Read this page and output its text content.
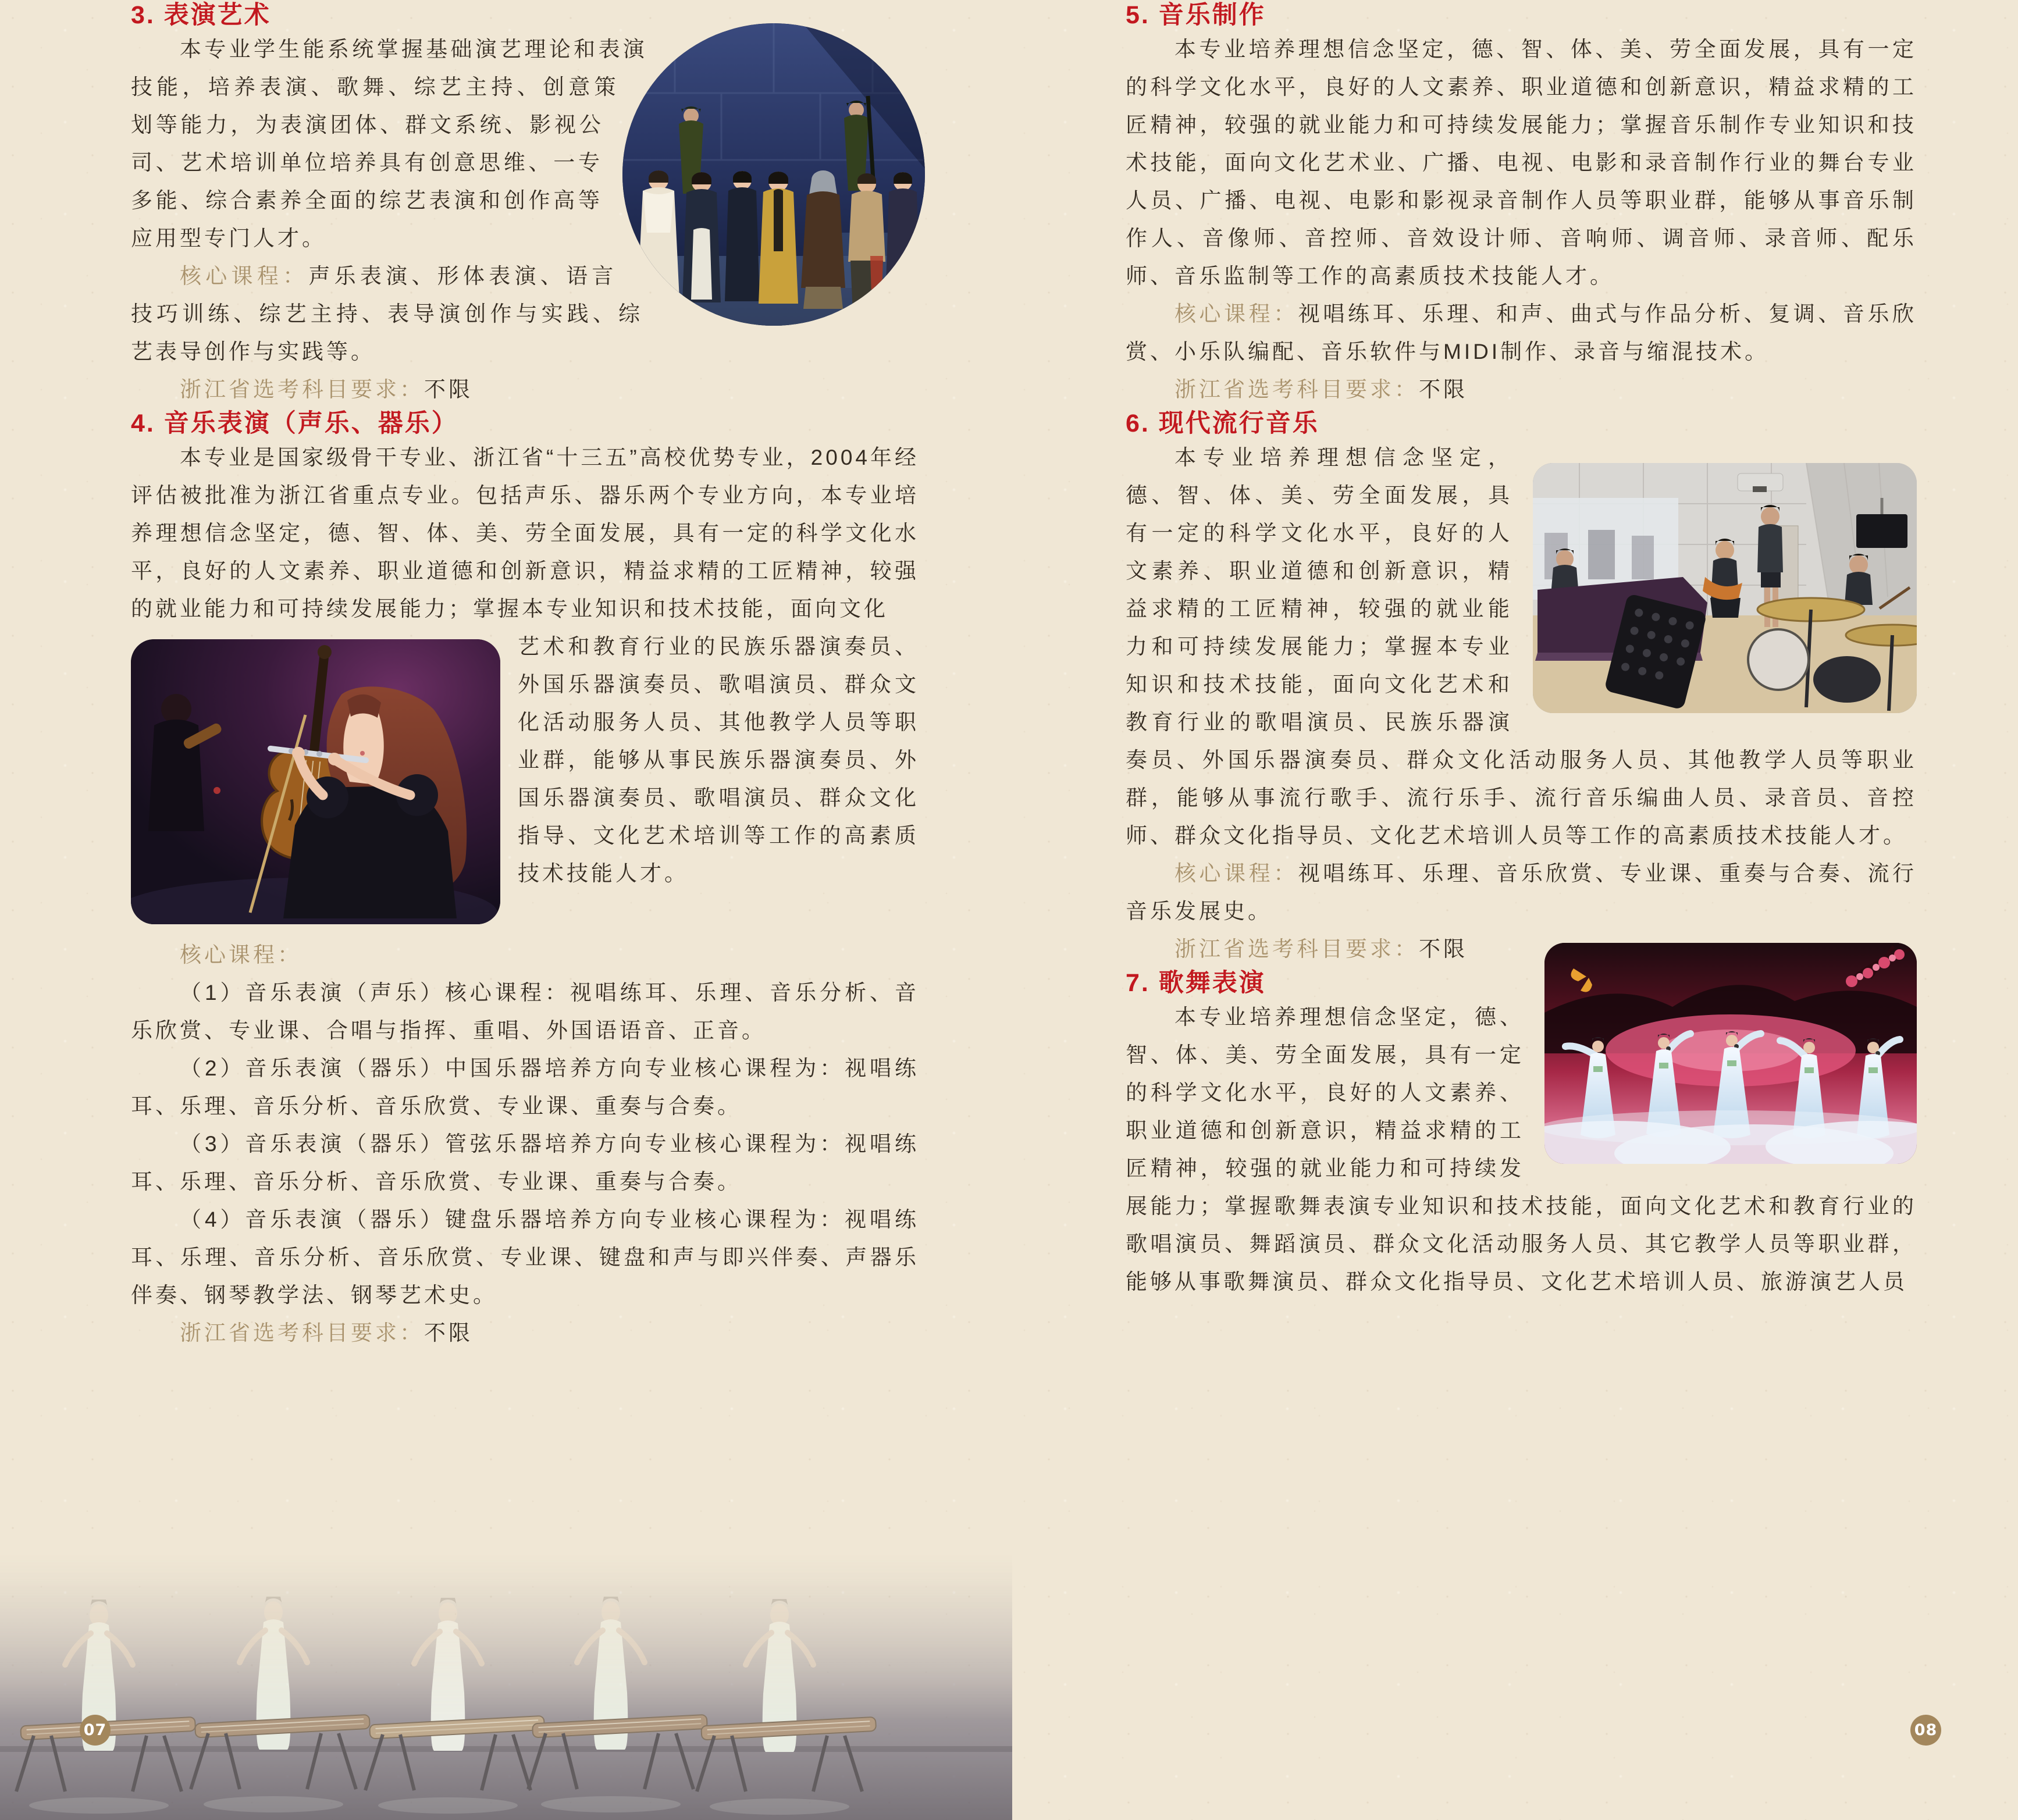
3. 表演艺术

本专业学生能系统掌握基础演艺理论和表演技能，培养表演、歌舞、综艺主持、创意策划等能力，为表演团体、群文系统、影视公司、艺术培训单位培养具有创意思维、一专多能、综合素养全面的综艺表演和创作高等应用型专门人才。

核心课程：声乐表演、形体表演、语言技巧训练、综艺主持、表导演创作与实践、综艺表导创作与实践等。

浙江省选考科目要求：不限

4. 音乐表演（声乐、器乐）

本专业是国家级骨干专业、浙江省“十三五”高校优势专业，2004年经评估被批准为浙江省重点专业。包括声乐、器乐两个专业方向，本专业培养理想信念坚定，德、智、体、美、劳全面发展，具有一定的科学文化水平，良好的人文素养、职业道德和创新意识，精益求精的工匠精神，较强的就业能力和可持续发展能力；掌握本专业知识和技术技能，面向文化

艺术和教育行业的民族乐器演奏员、外国乐器演奏员、歌唱演员、群众文化活动服务人员、其他教学人员等职业群，能够从事民族乐器演奏员、外国乐器演奏员、歌唱演员、群众文化指导、文化艺术培训等工作的高素质技术技能人才。

核心课程：

（1）音乐表演（声乐）核心课程：视唱练耳、乐理、音乐分析、音乐欣赏、专业课、合唱与指挥、重唱、外国语语音、正音。

（2）音乐表演（器乐）中国乐器培养方向专业核心课程为：视唱练耳、乐理、音乐分析、音乐欣赏、专业课、重奏与合奏。

（3）音乐表演（器乐）管弦乐器培养方向专业核心课程为：视唱练耳、乐理、音乐分析、音乐欣赏、专业课、重奏与合奏。

（4）音乐表演（器乐）键盘乐器培养方向专业核心课程为：视唱练耳、乐理、音乐分析、音乐欣赏、专业课、键盘和声与即兴伴奏、声器乐伴奏、钢琴教学法、钢琴艺术史。

浙江省选考科目要求：不限

5. 音乐制作

本专业培养理想信念坚定，德、智、体、美、劳全面发展，具有一定的科学文化水平，良好的人文素养、职业道德和创新意识，精益求精的工匠精神，较强的就业能力和可持续发展能力；掌握音乐制作专业知识和技术技能，面向文化艺术业、广播、电视、电影和录音制作行业的舞台专业人员、广播、电视、电影和影视录音制作人员等职业群，能够从事音乐制作人、音像师、音控师、音效设计师、音响师、调音师、录音师、配乐师、音乐监制等工作的高素质技术技能人才。

核心课程：视唱练耳、乐理、和声、曲式与作品分析、复调、音乐欣赏、小乐队编配、音乐软件与MIDI制作、录音与缩混技术。

浙江省选考科目要求：不限

6. 现代流行音乐

本专业培养理想信念坚定，德、智、体、美、劳全面发展，具有一定的科学文化水平，良好的人文素养、职业道德和创新意识，精益求精的工匠精神，较强的就业能力和可持续发展能力；掌握本专业知识和技术技能，面向文化艺术和教育行业的歌唱演员、民族乐器演奏员、外国乐器演奏员、群众文化活动服务人员、其他教学人员等职业群，能够从事流行歌手、流行乐手、流行音乐编曲人员、录音员、音控师、群众文化指导员、文化艺术培训人员等工作的高素质技术技能人才。

核心课程：视唱练耳、乐理、音乐欣赏、专业课、重奏与合奏、流行音乐发展史。

浙江省选考科目要求：不限

7. 歌舞表演

本专业培养理想信念坚定，德、智、体、美、劳全面发展，具有一定的科学文化水平，良好的人文素养、职业道德和创新意识，精益求精的工匠精神，较强的就业能力和可持续发展能力；掌握歌舞表演专业知识和技术技能，面向文化艺术和教育行业的歌唱演员、舞蹈演员、群众文化活动服务人员、其它教学人员等职业群，能够从事歌舞演员、群众文化指导员、文化艺术培训人员、旅游演艺人员

07	08
